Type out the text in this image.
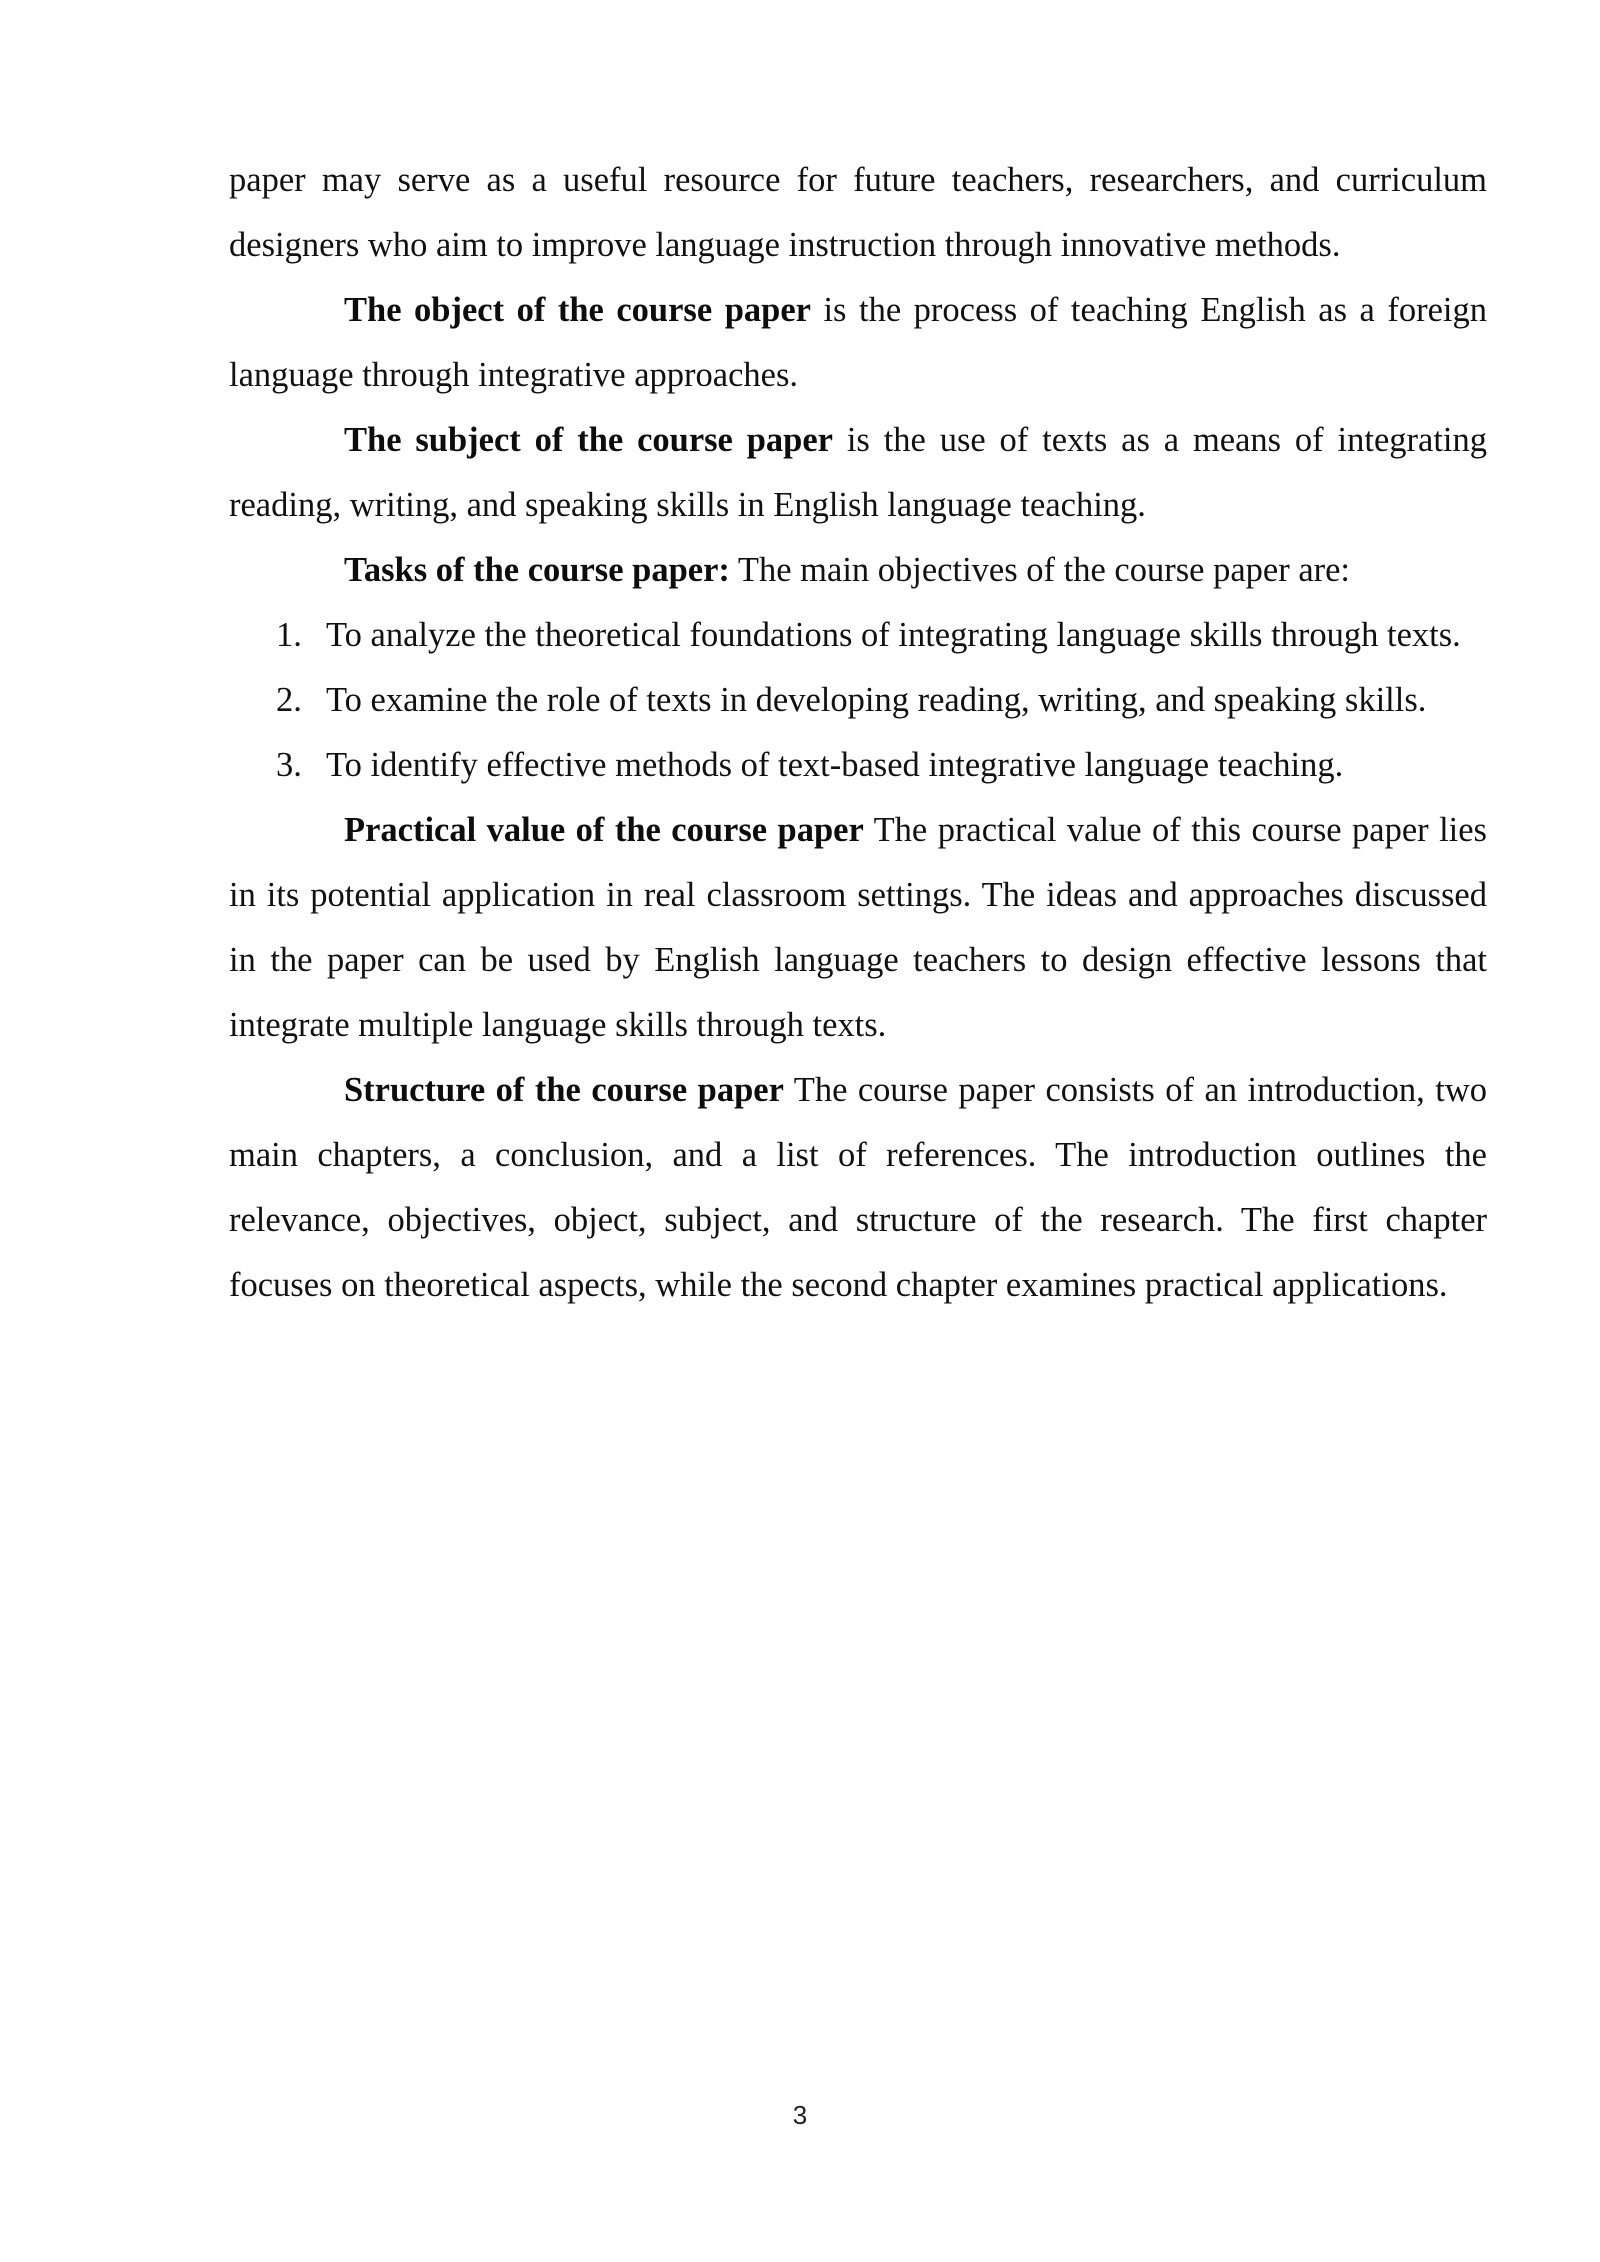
paper may serve as a useful resource for future teachers, researchers, and curriculum designers who aim to improve language instruction through innovative methods.

The object of the course paper is the process of teaching English as a foreign language through integrative approaches.

The subject of the course paper is the use of texts as a means of integrating reading, writing, and speaking skills in English language teaching.

Tasks of the course paper: The main objectives of the course paper are:

1. To analyze the theoretical foundations of integrating language skills through texts.
2. To examine the role of texts in developing reading, writing, and speaking skills.
3. To identify effective methods of text-based integrative language teaching.

Practical value of the course paper The practical value of this course paper lies in its potential application in real classroom settings. The ideas and approaches discussed in the paper can be used by English language teachers to design effective lessons that integrate multiple language skills through texts.

Structure of the course paper The course paper consists of an introduction, two main chapters, a conclusion, and a list of references. The introduction outlines the relevance, objectives, object, subject, and structure of the research. The first chapter focuses on theoretical aspects, while the second chapter examines practical applications.

3
